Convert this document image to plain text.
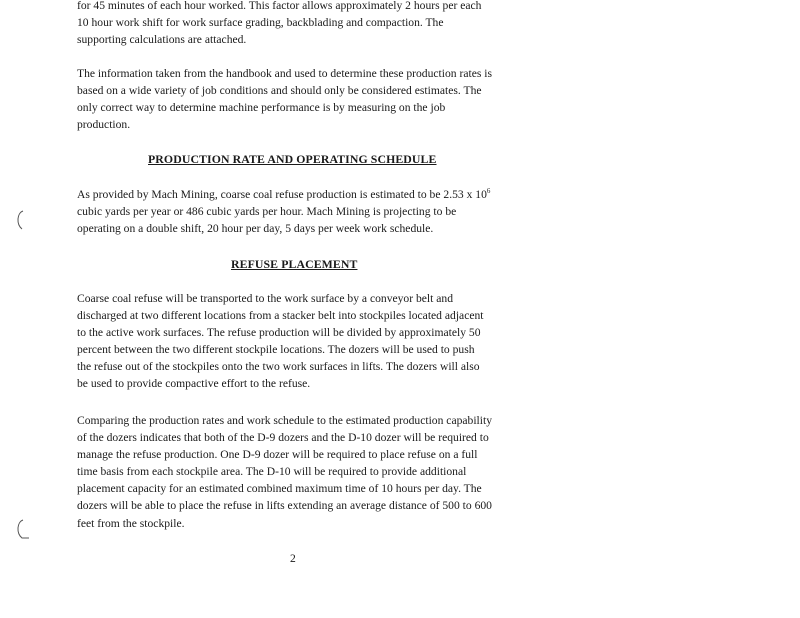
for 45 minutes of each hour worked. This factor allows approximately 2 hours per each
10 hour work shift for work surface grading, backblading and compaction. The
supporting calculations are attached.

The information taken from the handbook and used to determine these production rates is
based on a wide variety of job conditions and should only be considered estimates. The
only correct way to determine machine performance is by measuring on the job
production.

PRODUCTION RATE AND OPERATING SCHEDULE

As provided by Mach Mining, coarse coal refuse production is estimated to be 2.53 x $10^6$
cubic yards per year or 486 cubic yards per hour. Mach Mining is projecting to be
operating on a double shift, 20 hour per day, 5 days per week work schedule.

REFUSE PLACEMENT

Coarse coal refuse will be transported to the work surface by a conveyor belt and
discharged at two different locations from a stacker belt into stockpiles located adjacent
to the active work surfaces. The refuse production will be divided by approximately 50
percent between the two different stockpile locations. The dozers will be used to push
the refuse out of the stockpiles onto the two work surfaces in lifts. The dozers will also
be used to provide compactive effort to the refuse.

Comparing the production rates and work schedule to the estimated production capability
of the dozers indicates that both of the D-9 dozers and the D-10 dozer will be required to
manage the refuse production. One D-9 dozer will be required to place refuse on a full
time basis from each stockpile area. The D-10 will be required to provide additional
placement capacity for an estimated combined maximum time of 10 hours per day. The
dozers will be able to place the refuse in lifts extending an average distance of 500 to 600
feet from the stockpile.

2
